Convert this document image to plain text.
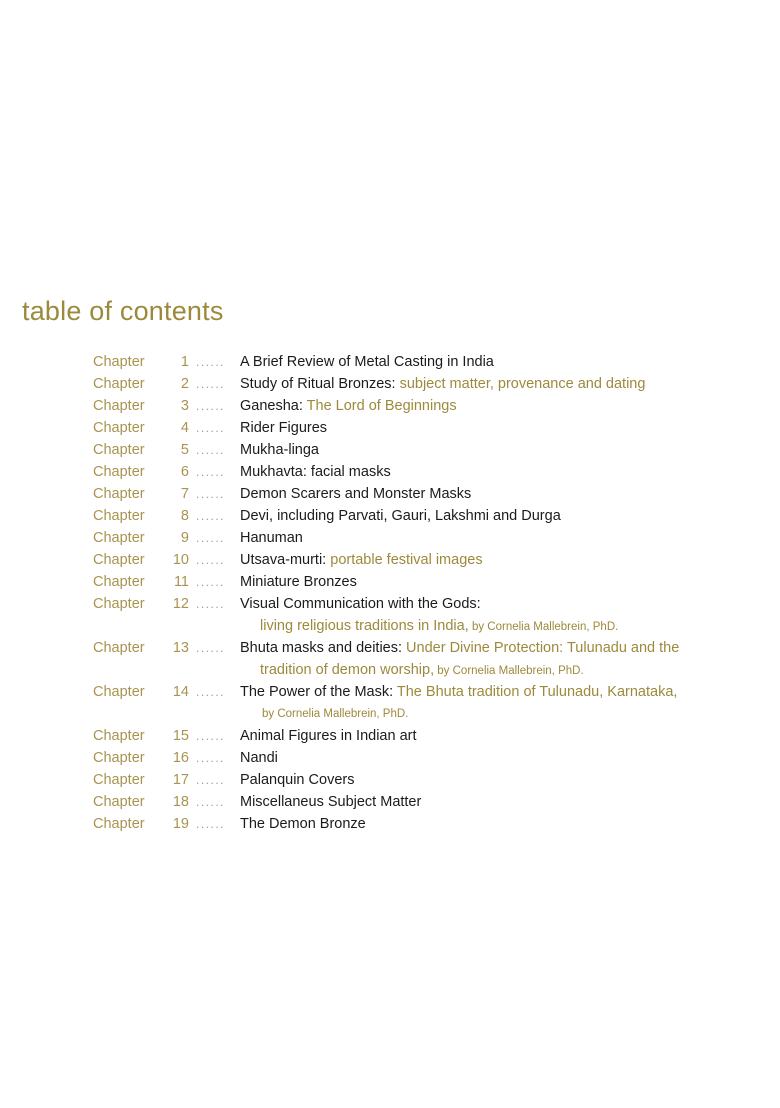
table of contents
Chapter	1 ...... A Brief Review of Metal Casting in India
Chapter	2 ...... Study of Ritual Bronzes: subject matter, provenance and dating
Chapter	3 ...... Ganesha: The Lord of Beginnings
Chapter	4 ...... Rider Figures
Chapter	5 ...... Mukha-linga
Chapter	6 ...... Mukhavta: facial masks
Chapter	7 ...... Demon Scarers and Monster Masks
Chapter	8 ...... Devi, including Parvati, Gauri, Lakshmi and Durga
Chapter	9 ...... Hanuman
Chapter 10 ...... Utsava-murti: portable festival images
Chapter 11 ...... Miniature Bronzes
Chapter 12 ...... Visual Communication with the Gods:
living religious traditions in India, by Cornelia Mallebrein, PhD.
Chapter 13 ...... Bhuta masks and deities: Under Divine Protection: Tulunadu and the
tradition of demon worship, by Cornelia Mallebrein, PhD.
Chapter 14 ...... The Power of the Mask: The Bhuta tradition of Tulunadu, Karnataka,
by Cornelia Mallebrein, PhD.
Chapter 15 ...... Animal Figures in Indian art
Chapter 16 ...... Nandi
Chapter 17 ...... Palanquin Covers
Chapter 18 ...... Miscellaneus Subject Matter
Chapter 19 ...... The Demon Bronze
